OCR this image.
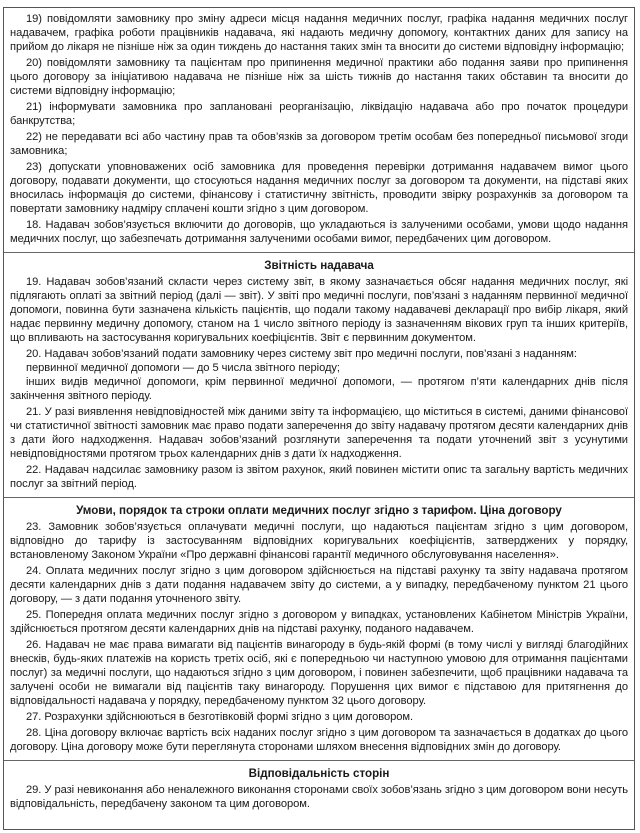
19) повідомляти замовнику про зміну адреси місця надання медичних послуг, графіка надання медичних послуг надавачем, графіка роботи працівників надавача, які надають медичну допомогу, контактних даних для запису на прийом до лікаря не пізніше ніж за один тиждень до настання таких змін та вносити до системи відповідну інформацію;

20) повідомляти замовнику та пацієнтам про припинення медичної практики або подання заяви про припинення цього договору за ініціативою надавача не пізніше ніж за шість тижнів до настання таких обставин та вносити до системи відповідну інформацію;

21) інформувати замовника про заплановані реорганізацію, ліквідацію надавача або про початок процедури банкрутства;

22) не передавати всі або частину прав та обов’язків за договором третім особам без попередньої письмової згоди замовника;

23) допускати уповноважених осіб замовника для проведення перевірки дотримання надавачем вимог цього договору, подавати документи, що стосуються надання медичних послуг за договором та документи, на підставі яких вносилась інформація до системи, фінансову і статистичну звітність, проводити звірку розрахунків за договором та повертати замовнику надміру сплачені кошти згідно з цим договором.

18. Надавач зобов’язується включити до договорів, що укладаються із залученими особами, умови щодо надання медичних послуг, що забезпечать дотримання залученими особами вимог, передбачених цим договором.

Звітність надавача

19. Надавач зобов’язаний скласти через систему звіт, в якому зазначається обсяг надання медичних послуг, які підлягають оплаті за звітний період (далі — звіт). У звіті про медичні послуги, пов’язані з наданням первинної медичної допомоги, повинна бути зазначена кількість пацієнтів, що подали такому надавачеві декларації про вибір лікаря, який надає первинну медичну допомогу, станом на 1 число звітного періоду із зазначенням вікових груп та інших критеріїв, що впливають на застосування коригувальних коефіцієнтів. Звіт є первинним документом.

20. Надавач зобов’язаний подати замовнику через систему звіт про медичні послуги, пов’язані з наданням:

первинної медичної допомоги — до 5 числа звітного періоду;

інших видів медичної допомоги, крім первинної медичної допомоги, — протягом п’яти календарних днів після закінчення звітного періоду.

21. У разі виявлення невідповідностей між даними звіту та інформацією, що міститься в системі, даними фінансової чи статистичної звітності замовник має право подати заперечення до звіту надавачу протягом десяти календарних днів з дати його надходження. Надавач зобов’язаний розглянути заперечення та подати уточнений звіт з усунутими невідповідностями протягом трьох календарних днів з дати їх надходження.

22. Надавач надсилає замовнику разом із звітом рахунок, який повинен містити опис та загальну вартість медичних послуг за звітний період.

Умови, порядок та строки оплати медичних послуг згідно з тарифом. Ціна договору

23. Замовник зобов’язується оплачувати медичні послуги, що надаються пацієнтам згідно з цим договором, відповідно до тарифу із застосуванням відповідних коригувальних коефіцієнтів, затверджених у порядку, встановленому Законом України «Про державні фінансові гарантії медичного обслуговування населення».

24. Оплата медичних послуг згідно з цим договором здійснюється на підставі рахунку та звіту надавача протягом десяти календарних днів з дати подання надавачем звіту до системи, а у випадку, передбаченому пунктом 21 цього договору, — з дати подання уточненого звіту.

25. Попередня оплата медичних послуг згідно з договором у випадках, установлених Кабінетом Міністрів України, здійснюється протягом десяти календарних днів на підставі рахунку, поданого надавачем.

26. Надавач не має права вимагати від пацієнтів винагороду в будь-якій формі (в тому числі у вигляді благодійних внесків, будь-яких платежів на користь третіх осіб, які є попередньою чи наступною умовою для отримання пацієнтами послуг) за медичні послуги, що надаються згідно з цим договором, і повинен забезпечити, щоб працівники надавача та залучені особи не вимагали від пацієнтів таку винагороду. Порушення цих вимог є підставою для притягнення до відповідальності надавача у порядку, передбаченому пунктом 32 цього договору.

27. Розрахунки здійснюються в безготівковій формі згідно з цим договором.

28. Ціна договору включає вартість всіх наданих послуг згідно з цим договором та зазначається в додатках до цього договору. Ціна договору може бути переглянута сторонами шляхом внесення відповідних змін до договору.

Відповідальність сторін

29. У разі невиконання або неналежного виконання сторонами своїх зобов’язань згідно з цим договором вони несуть відповідальність, передбачену законом та цим договором.
